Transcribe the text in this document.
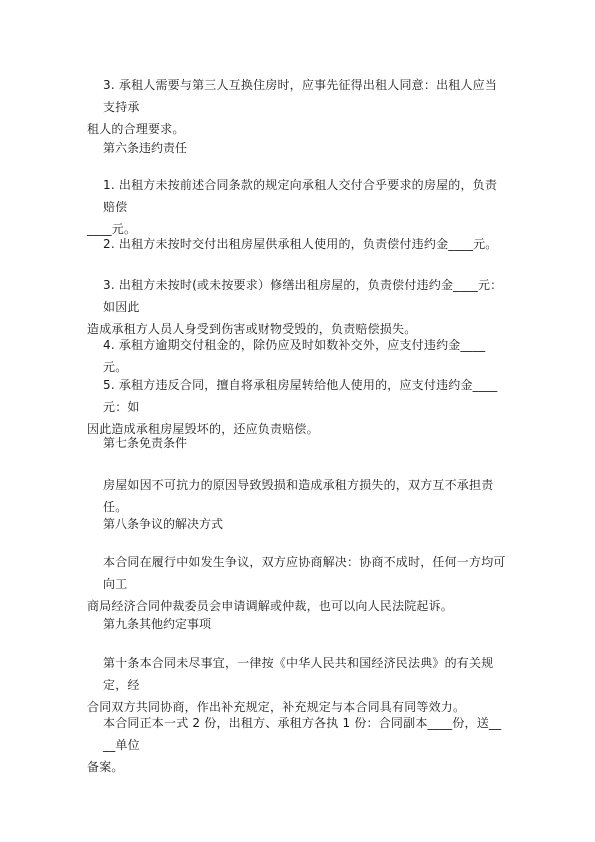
3. 承租人需要与第三人互换住房时，应事先征得出租人同意：出租人应当支持承

租人的合理要求。

第六条违约责任

1. 出租方未按前述合同条款的规定向承租人交付合乎要求的房屋的，负责赔偿

____元。

2. 出租方未按时交付出租房屋供承租人使用的，负责偿付违约金____元。

3. 出租方未按时(或未按要求）修缮出租房屋的，负责偿付违约金____元：如因此

造成承租方人员人身受到伤害或财物受毁的，负责赔偿损失。

4. 承租方逾期交付租金的，除仍应及时如数补交外，应支付违约金____元。

5. 承租方违反合同，擅自将承租房屋转给他人使用的，应支付违约金____元：如

因此造成承租房屋毁坏的，还应负责赔偿。

第七条免责条件

房屋如因不可抗力的原因导致毁损和造成承租方损失的，双方互不承担责任。

第八条争议的解决方式

本合同在履行中如发生争议，双方应协商解决：协商不成时，任何一方均可向工

商局经济合同仲裁委员会申请调解或仲裁，也可以向人民法院起诉。

第九条其他约定事项

第十条本合同未尽事宜，一律按《中华人民共和国经济民法典》的有关规定，经

合同双方共同协商，作出补充规定，补充规定与本合同具有同等效力。

本合同正本一式 2 份，出租方、承租方各执 1 份：合同副本____份，送____单位

备案。
